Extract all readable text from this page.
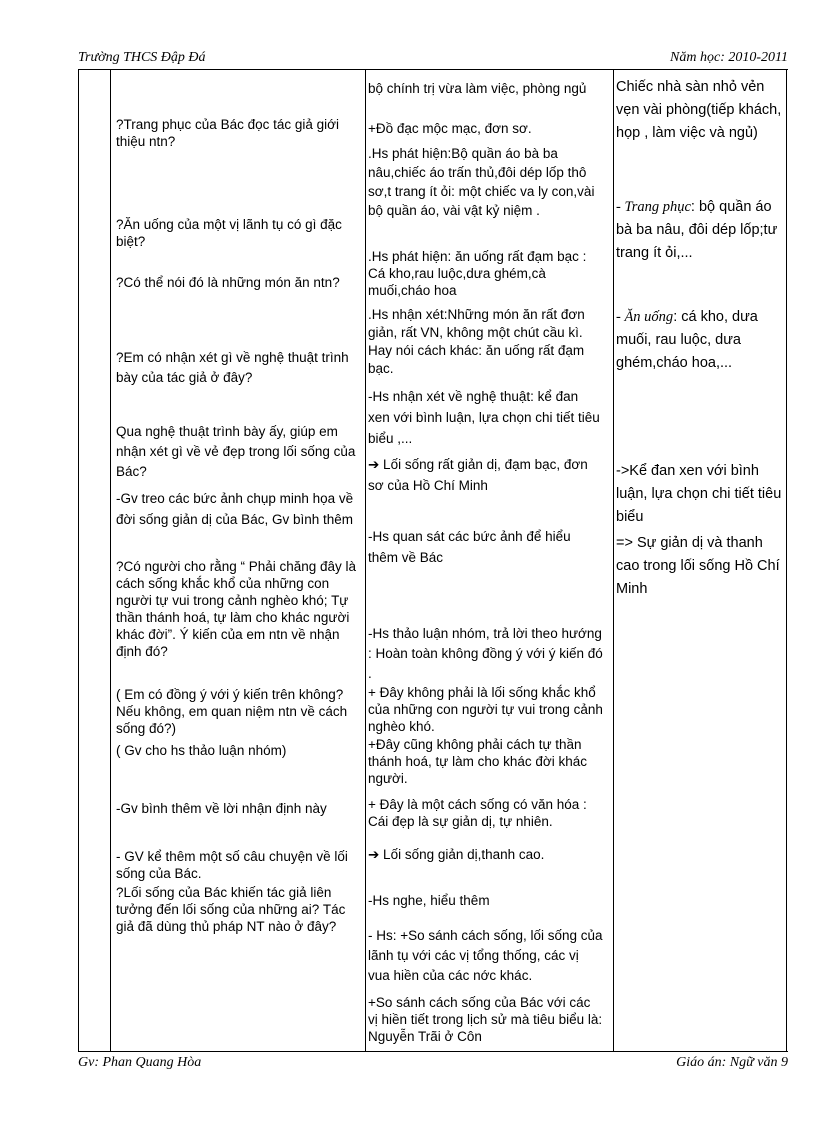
Trường THCS Đập Đá	Năm học: 2010-2011

?Trang phục của Bác đọc tác giả giới thiệu ntn?

?Ăn uống của một vị lãnh tụ có gì đặc biệt?

?Có thể nói đó là những món ăn ntn?

?Em có nhận xét gì về nghệ thuật trình bày của tác giả ở đây?

Qua nghệ thuật trình bày ấy, giúp em nhận xét gì về vẻ đẹp trong lối sống của Bác?

-Gv treo các bức ảnh chụp minh họa về đời sống giản dị của Bác, Gv bình thêm

?Có người cho rằng “ Phải chăng đây là cách sống khắc khổ của những con người tự vui trong cảnh nghèo khó; Tự thần thánh hoá, tự làm cho khác người khác đời”. Ý kiến của em ntn về nhận định đó?

( Em có đồng ý với ý kiến trên không? Nếu không, em quan niệm ntn về cách sống đó?)

( Gv cho hs thảo luận nhóm)

-Gv bình thêm về lời nhận định này

- GV kể thêm một số câu chuyện về lối sống của Bác.

?Lối sống của Bác khiến tác giả liên tưởng đến lối sống của những ai? Tác giả đã dùng thủ pháp NT nào ở đây?

bộ chính trị vừa làm việc, phòng ngủ

+Đồ đạc mộc mạc, đơn sơ.

.Hs phát hiện:Bộ quần áo bà ba nâu,chiếc áo trấn thủ,đôi dép lốp thô sơ,t trang ít ỏi: một chiếc va ly con,vài bộ quần áo, vài vật kỷ niệm .

.Hs phát hiện: ăn uống rất đạm bạc : Cá kho,rau luộc,dưa ghém,cà muối,cháo hoa

.Hs nhận xét:Những món ăn rất đơn giản, rất VN, không một chút cầu kì. Hay nói cách khác: ăn uống rất đạm bạc.

-Hs nhận xét về nghệ thuật: kể đan xen với bình luận, lựa chọn chi tiết tiêu biểu ,...

➔ Lối sống rất giản dị, đạm bạc, đơn sơ của Hồ Chí Minh

-Hs quan sát các bức ảnh để hiểu thêm về Bác

-Hs thảo luận nhóm, trả lời theo hướng : Hoàn toàn không đồng ý với ý kiến đó .

+ Đây không phải là lối sống khắc khổ của những con người tự vui trong cảnh nghèo khó.

+Đây cũng không phải cách tự thần thánh hoá, tự làm cho khác đời khác người.

+ Đây là một cách sống có văn hóa : Cái đẹp là sự giản dị, tự nhiên.

➔ Lối sống giản dị,thanh cao.

-Hs nghe, hiểu thêm

- Hs: +So sánh cách sống, lối sống của lãnh tụ với các vị tổng thống, các vị vua hiền của các nớc khác.

+So sánh cách sống của Bác với các vị hiền tiết trong lịch sử mà tiêu biểu là: Nguyễn Trãi ở Côn

Chiếc nhà sàn nhỏ vẻn vẹn vài phòng(tiếp khách, họp , làm việc và ngủ)

- Trang phục: bộ quần áo bà ba nâu, đôi dép lốp;tư trang ít ỏi,...

- Ăn uống: cá kho, dưa muối, rau luộc, dưa ghém,cháo hoa,...

->Kể đan xen với bình luận, lựa chọn chi tiết tiêu biểu

=> Sự giản dị và thanh cao trong lối sống Hồ Chí Minh

Gv: Phan Quang Hòa	Giáo án: Ngữ văn 9
